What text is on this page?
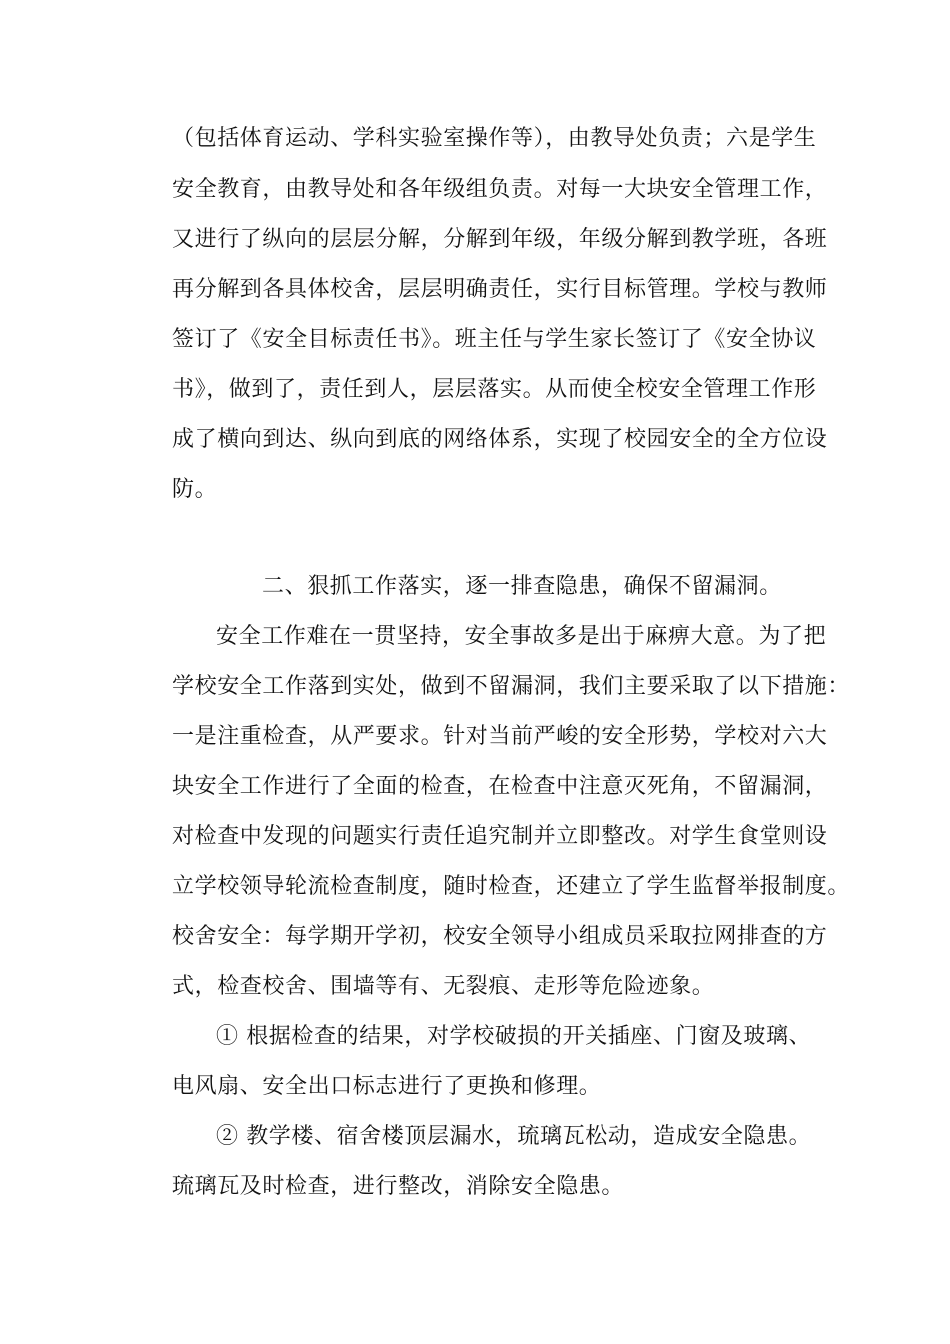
（包括体育运动、学科实验室操作等），由教导处负责；六是学生
安全教育，由教导处和各年级组负责。对每一大块安全管理工作，
又进行了纵向的层层分解，分解到年级，年级分解到教学班，各班
再分解到各具体校舍，层层明确责任，实行目标管理。学校与教师
签订了《安全目标责任书》。班主任与学生家长签订了《安全协议
书》，做到了，责任到人，层层落实。从而使全校安全管理工作形
成了横向到达、纵向到底的网络体系，实现了校园安全的全方位设
防。
二、狠抓工作落实，逐一排查隐患，确保不留漏洞。
安全工作难在一贯坚持，安全事故多是出于麻痹大意。为了把
学校安全工作落到实处，做到不留漏洞，我们主要采取了以下措施：
一是注重检查，从严要求。针对当前严峻的安全形势，学校对六大
块安全工作进行了全面的检查，在检查中注意灭死角，不留漏洞，
对检查中发现的问题实行责任追究制并立即整改。对学生食堂则设
立学校领导轮流检查制度，随时检查，还建立了学生监督举报制度。
校舍安全：每学期开学初，校安全领导小组成员采取拉网排查的方
式，检查校舍、围墙等有、无裂痕、走形等危险迹象。
① 根据检查的结果，对学校破损的开关插座、门窗及玻璃、
电风扇、安全出口标志进行了更换和修理。
② 教学楼、宿舍楼顶层漏水，琉璃瓦松动，造成安全隐患。
琉璃瓦及时检查，进行整改，消除安全隐患。
